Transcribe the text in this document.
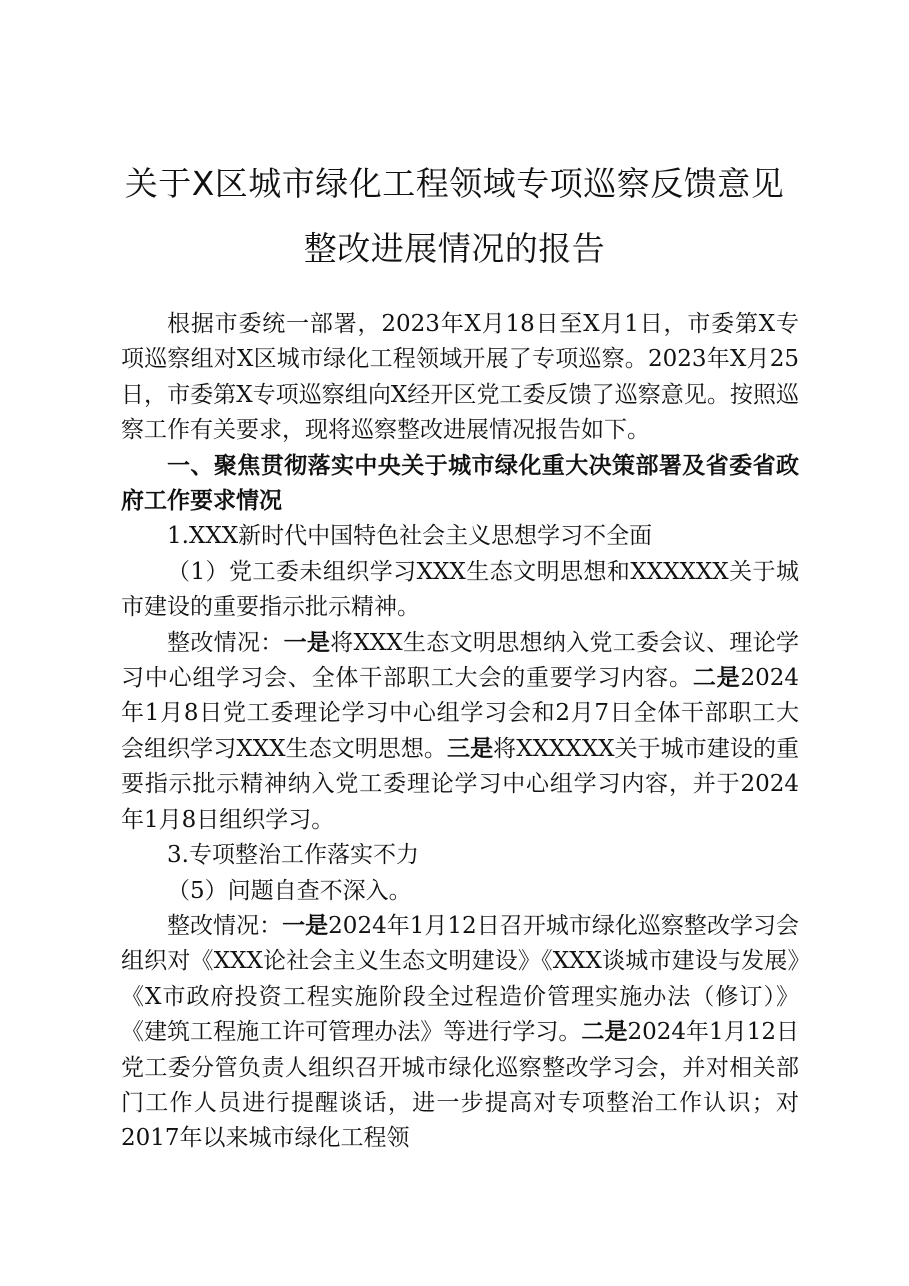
关于X区城市绿化工程领域专项巡察反馈意见
整改进展情况的报告

根据市委统一部署，2023年X月18日至X月1日，市委第X专项巡察组对X区城市绿化工程领域开展了专项巡察。2023年X月25日，市委第X专项巡察组向X经开区党工委反馈了巡察意见。按照巡察工作有关要求，现将巡察整改进展情况报告如下。

一、聚焦贯彻落实中央关于城市绿化重大决策部署及省委省政府工作要求情况

1.XXX新时代中国特色社会主义思想学习不全面

（1）党工委未组织学习XXX生态文明思想和XXXXXX关于城市建设的重要指示批示精神。

整改情况：一是将XXX生态文明思想纳入党工委会议、理论学习中心组学习会、全体干部职工大会的重要学习内容。二是2024年1月8日党工委理论学习中心组学习会和2月7日全体干部职工大会组织学习XXX生态文明思想。三是将XXXXXX关于城市建设的重要指示批示精神纳入党工委理论学习中心组学习内容，并于2024年1月8日组织学习。

3.专项整治工作落实不力

（5）问题自查不深入。

整改情况：一是2024年1月12日召开城市绿化巡察整改学习会组织对《XXX论社会主义生态文明建设》《XXX谈城市建设与发展》《X市政府投资工程实施阶段全过程造价管理实施办法（修订）》《建筑工程施工许可管理办法》等进行学习。二是2024年1月12日党工委分管负责人组织召开城市绿化巡察整改学习会，并对相关部门工作人员进行提醒谈话，进一步提高对专项整治工作认识；对2017年以来城市绿化工程领
